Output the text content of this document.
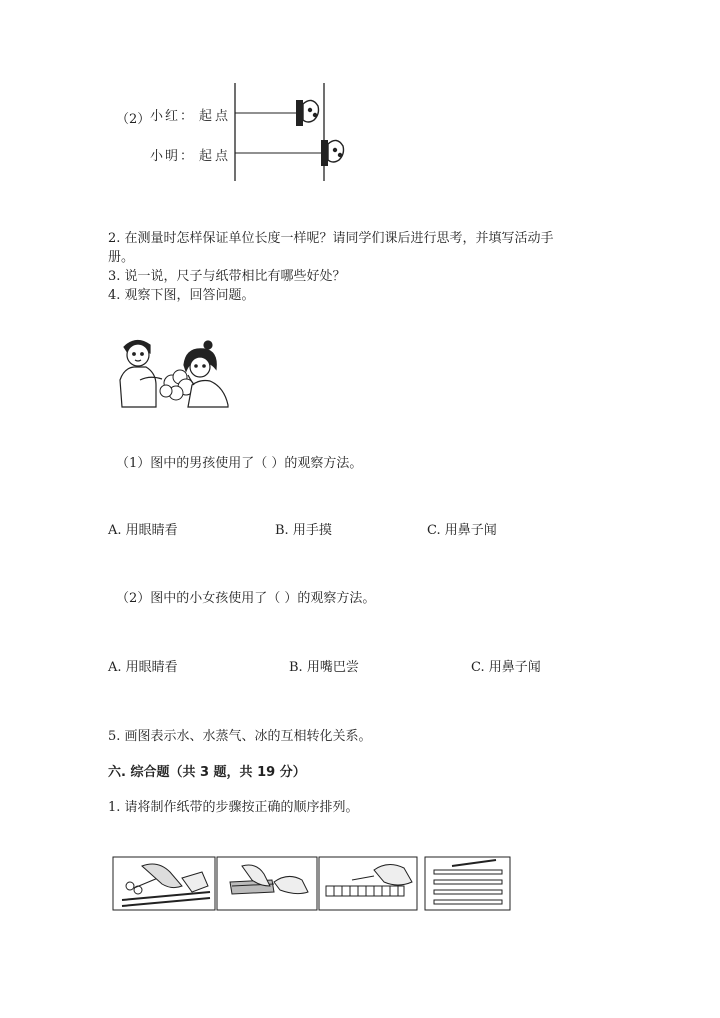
（2） 小红： 起点
小明： 起点
2. 在测量时怎样保证单位长度一样呢？请同学们课后进行思考，并填写活动手
册。
3. 说一说，尺子与纸带相比有哪些好处？
4. 观察下图，回答问题。
（1）图中的男孩使用了（ ）的观察方法。
A. 用眼睛看	B. 用手摸	C. 用鼻子闻
（2）图中的小女孩使用了（ ）的观察方法。
A. 用眼睛看	B. 用嘴巴尝	C. 用鼻子闻
5. 画图表示水、水蒸气、冰的互相转化关系。
六. 综合题（共 3 题，共 19 分）
1. 请将制作纸带的步骤按正确的顺序排列。
